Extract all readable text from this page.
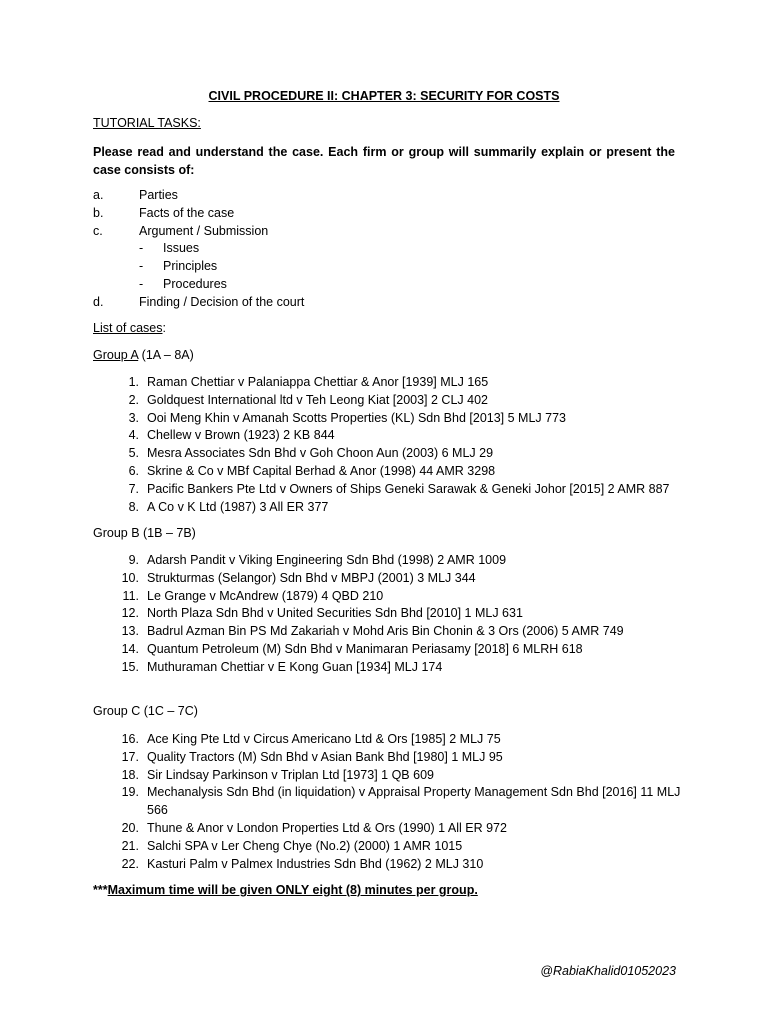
CIVIL PROCEDURE II: CHAPTER 3: SECURITY FOR COSTS
TUTORIAL TASKS:
Please read and understand the case. Each firm or group will summarily explain or present the case consists of:
a.	Parties
b.	Facts of the case
c.	Argument / Submission
-	Issues
-	Principles
-	Procedures
d.	Finding / Decision of the court
List of cases:
Group A (1A – 8A)
1. Raman Chettiar v Palaniappa Chettiar & Anor [1939] MLJ 165
2. Goldquest International ltd v Teh Leong Kiat [2003] 2 CLJ 402
3. Ooi Meng Khin v Amanah Scotts Properties (KL) Sdn Bhd [2013] 5 MLJ 773
4. Chellew v Brown (1923) 2 KB 844
5. Mesra Associates Sdn Bhd v Goh Choon Aun (2003) 6 MLJ 29
6. Skrine & Co v MBf Capital Berhad & Anor (1998) 44 AMR 3298
7. Pacific Bankers Pte Ltd v Owners of Ships Geneki Sarawak & Geneki Johor [2015] 2 AMR 887
8. A Co v K Ltd (1987) 3 All ER 377
Group B (1B – 7B)
9. Adarsh Pandit v Viking Engineering Sdn Bhd (1998) 2 AMR 1009
10. Strukturmas (Selangor) Sdn Bhd v MBPJ (2001) 3 MLJ 344
11. Le Grange v McAndrew (1879) 4 QBD 210
12. North Plaza Sdn Bhd v United Securities Sdn Bhd [2010] 1 MLJ 631
13. Badrul Azman Bin PS Md Zakariah v Mohd Aris Bin Chonin & 3 Ors (2006) 5 AMR 749
14. Quantum Petroleum (M) Sdn Bhd v Manimaran Periasamy [2018] 6 MLRH 618
15. Muthuraman Chettiar v E Kong Guan [1934] MLJ 174
Group C (1C – 7C)
16. Ace King Pte Ltd v Circus Americano Ltd & Ors [1985] 2 MLJ 75
17. Quality Tractors (M) Sdn Bhd v Asian Bank Bhd [1980] 1 MLJ 95
18. Sir Lindsay Parkinson v Triplan Ltd [1973] 1 QB 609
19. Mechanalysis Sdn Bhd (in liquidation) v Appraisal Property Management Sdn Bhd [2016] 11 MLJ 566
20. Thune & Anor v London Properties Ltd & Ors (1990) 1 All ER 972
21. Salchi SPA v Ler Cheng Chye (No.2) (2000) 1 AMR 1015
22. Kasturi Palm v Palmex Industries Sdn Bhd (1962) 2 MLJ 310
***Maximum time will be given ONLY eight (8) minutes per group.
@RabiaKhalid01052023
